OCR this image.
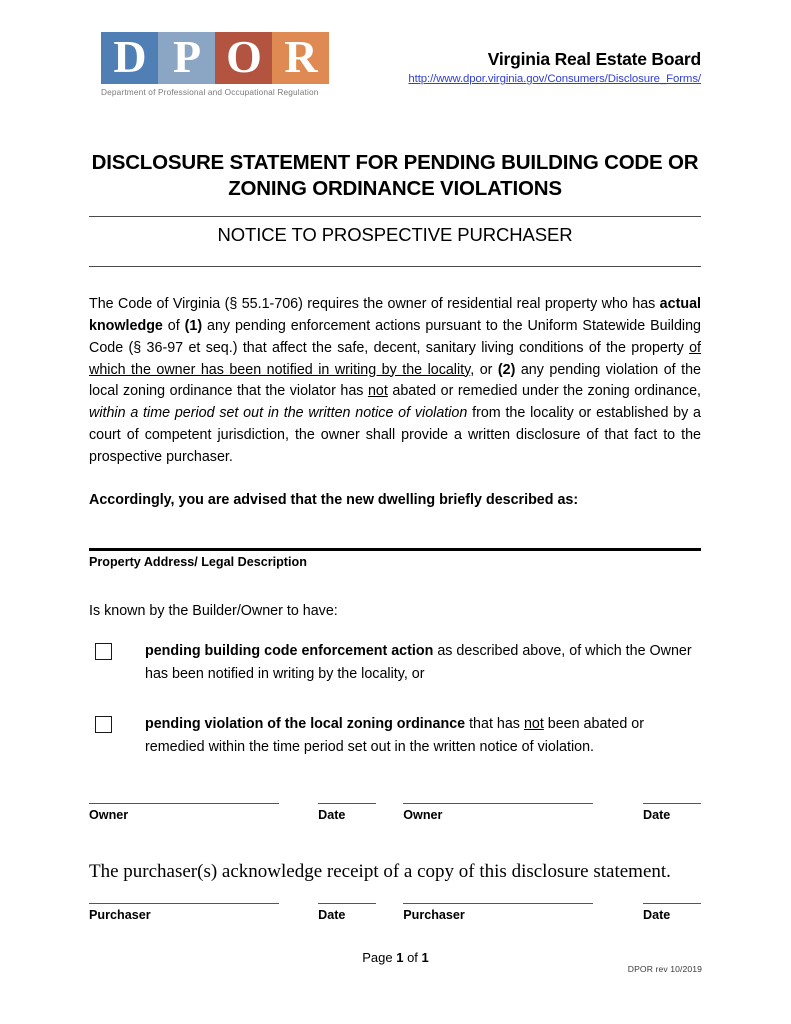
D P O R
Department of Professional and Occupational Regulation
Virginia Real Estate Board
http://www.dpor.virginia.gov/Consumers/Disclosure_Forms/
DISCLOSURE STATEMENT FOR PENDING BUILDING CODE OR
ZONING ORDINANCE VIOLATIONS
NOTICE TO PROSPECTIVE PURCHASER
The Code of Virginia (§ 55.1-706) requires the owner of residential real property who has actual knowledge of (1) any pending enforcement actions pursuant to the Uniform Statewide Building Code (§ 36-97 et seq.) that affect the safe, decent, sanitary living conditions of the property of which the owner has been notified in writing by the locality, or (2) any pending violation of the local zoning ordinance that the violator has not abated or remedied under the zoning ordinance, within a time period set out in the written notice of violation from the locality or established by a court of competent jurisdiction, the owner shall provide a written disclosure of that fact to the prospective purchaser.
Accordingly, you are advised that the new dwelling briefly described as:
Property Address/ Legal Description
Is known by the Builder/Owner to have:
pending building code enforcement action as described above, of which the Owner has been notified in writing by the locality, or
pending violation of the local zoning ordinance that has not been abated or remedied within the time period set out in the written notice of violation.
Owner	Date	Owner	Date
The purchaser(s) acknowledge receipt of a copy of this disclosure statement.
Purchaser	Date	Purchaser	Date
Page 1 of 1
DPOR rev 10/2019
